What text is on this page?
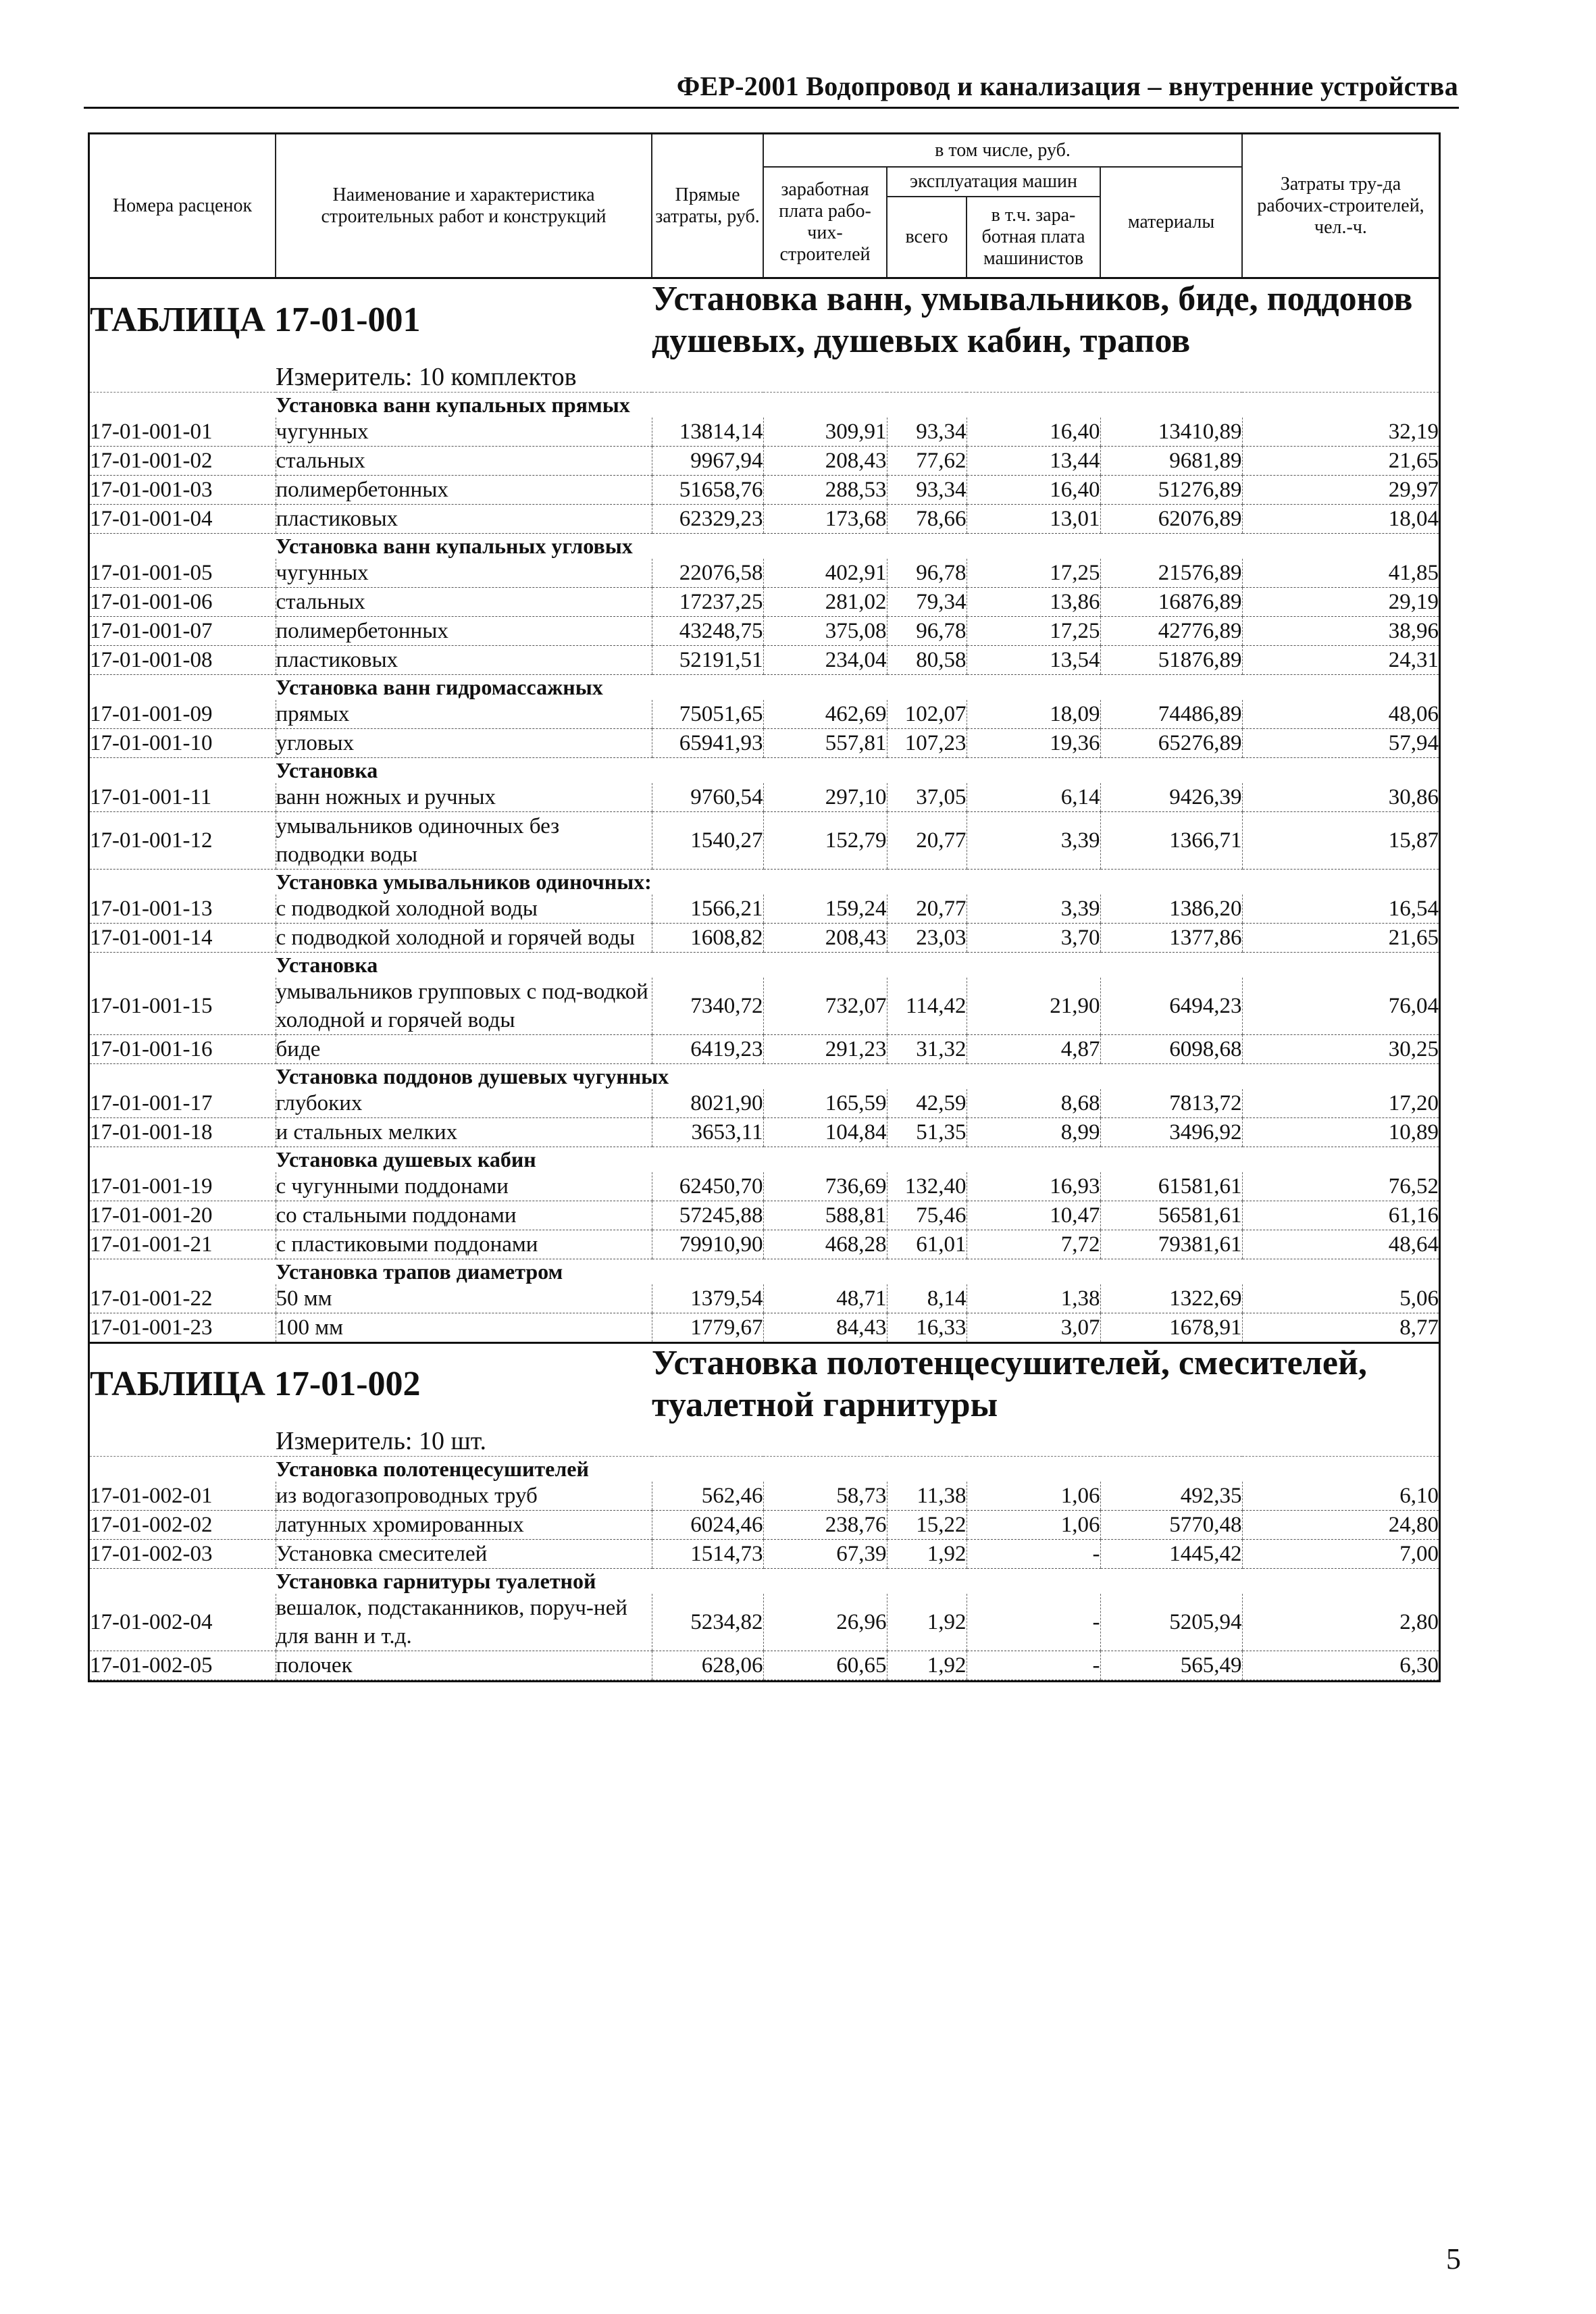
ФЕР-2001 Водопровод и канализация – внутренние устройства
Номера расценок	Наименование и характеристика строительных работ и конструкций	Прямые затраты, руб.	в том числе, руб.				Затраты тру-да рабочих-строителей, чел.-ч.
			заработная плата рабо-чих-строителей	эксплуатация машин		материалы	
				всего	в т.ч. зара-ботная плата машинистов		

ТАБЛИЦА 17-01-001		Установка ванн, умывальников, биде, поддонов душевых, душевых кабин, трапов					
	Измеритель: 10 комплектов						
	Установка ванн купальных прямых						
17-01-001-01	чугунных	13814,14	309,91	93,34	16,40	13410,89	32,19
17-01-001-02	стальных	9967,94	208,43	77,62	13,44	9681,89	21,65
17-01-001-03	полимербетонных	51658,76	288,53	93,34	16,40	51276,89	29,97
17-01-001-04	пластиковых	62329,23	173,68	78,66	13,01	62076,89	18,04
	Установка ванн купальных угловых						
17-01-001-05	чугунных	22076,58	402,91	96,78	17,25	21576,89	41,85
17-01-001-06	стальных	17237,25	281,02	79,34	13,86	16876,89	29,19
17-01-001-07	полимербетонных	43248,75	375,08	96,78	17,25	42776,89	38,96
17-01-001-08	пластиковых	52191,51	234,04	80,58	13,54	51876,89	24,31
	Установка ванн гидромассажных						
17-01-001-09	прямых	75051,65	462,69	102,07	18,09	74486,89	48,06
17-01-001-10	угловых	65941,93	557,81	107,23	19,36	65276,89	57,94
	Установка						
17-01-001-11	ванн ножных и ручных	9760,54	297,10	37,05	6,14	9426,39	30,86
17-01-001-12	умывальников одиночных без подводки воды	1540,27	152,79	20,77	3,39	1366,71	15,87
	Установка умывальников одиночных:						
17-01-001-13	с подводкой холодной воды	1566,21	159,24	20,77	3,39	1386,20	16,54
17-01-001-14	с подводкой холодной и горячей воды	1608,82	208,43	23,03	3,70	1377,86	21,65
	Установка						
17-01-001-15	умывальников групповых с под-водкой холодной и горячей воды	7340,72	732,07	114,42	21,90	6494,23	76,04
17-01-001-16	биде	6419,23	291,23	31,32	4,87	6098,68	30,25
	Установка поддонов душевых чугунных						
17-01-001-17	глубоких	8021,90	165,59	42,59	8,68	7813,72	17,20
17-01-001-18	и стальных мелких	3653,11	104,84	51,35	8,99	3496,92	10,89
	Установка душевых кабин						
17-01-001-19	с чугунными поддонами	62450,70	736,69	132,40	16,93	61581,61	76,52
17-01-001-20	со стальными поддонами	57245,88	588,81	75,46	10,47	56581,61	61,16
17-01-001-21	с пластиковыми поддонами	79910,90	468,28	61,01	7,72	79381,61	48,64
	Установка трапов диаметром						
17-01-001-22	50 мм	1379,54	48,71	8,14	1,38	1322,69	5,06
17-01-001-23	100 мм	1779,67	84,43	16,33	3,07	1678,91	8,77
ТАБЛИЦА 17-01-002		Установка полотенцесушителей, смесителей, туалетной гарнитуры					
	Измеритель: 10 шт.						
	Установка полотенцесушителей						
17-01-002-01	из водогазопроводных труб	562,46	58,73	11,38	1,06	492,35	6,10
17-01-002-02	латунных хромированных	6024,46	238,76	15,22	1,06	5770,48	24,80
17-01-002-03	Установка смесителей	1514,73	67,39	1,92	-	1445,42	7,00
	Установка гарнитуры туалетной						
17-01-002-04	вешалок, подстаканников, поруч-ней для ванн и т.д.	5234,82	26,96	1,92	-	5205,94	2,80
17-01-002-05	полочек	628,06	60,65	1,92	-	565,49	6,30
5
